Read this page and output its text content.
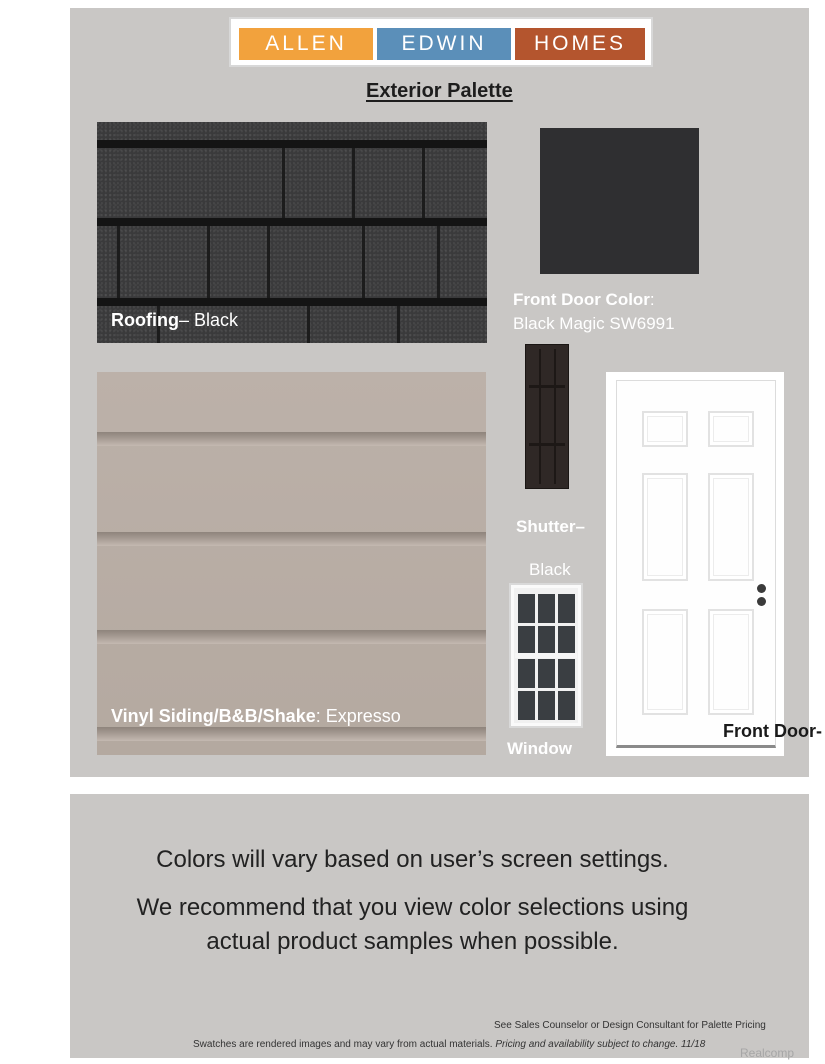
ALLEN	EDWIN	HOMES
Exterior Palette
Roofing– Black
Front Door Color:
Black Magic SW6991
Vinyl Siding/B&B/Shake: Expresso
Shutter–
Black
Window
Front Door-
Colors will vary based on user’s screen settings.
We recommend that you view color selections using
actual product samples when possible.
See Sales Counselor or Design Consultant for Palette Pricing
Swatches are rendered images and may vary from actual materials. Pricing and availability subject to change. 11/18
Realcomp
